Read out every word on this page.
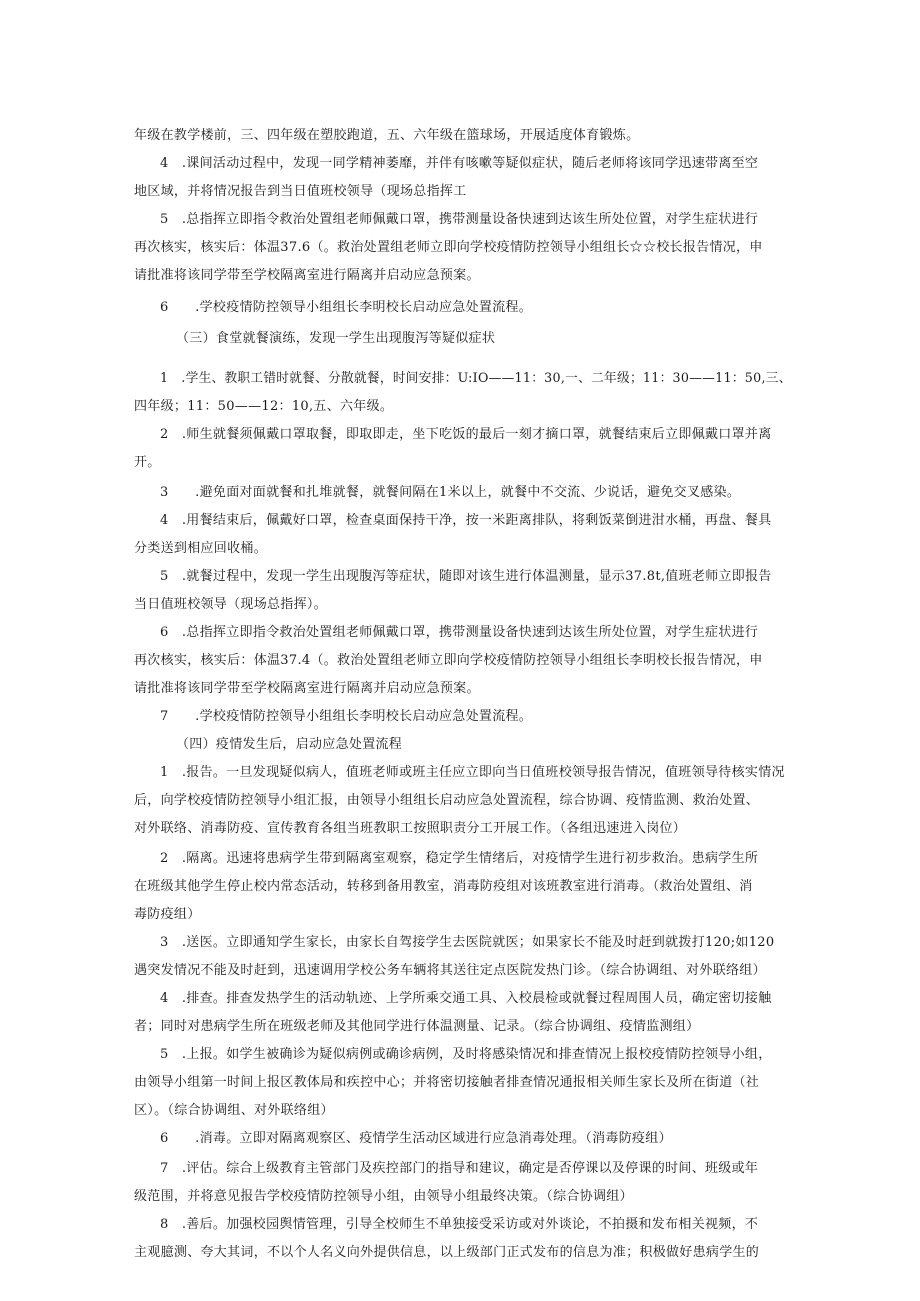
年级在教学楼前，三、四年级在塑胶跑道，五、六年级在篮球场，开展适度体育锻炼。
4　.课间活动过程中，发现一同学精神萎靡，并伴有咳嗽等疑似症状，随后老师将该同学迅速带离至空
地区域，并将情况报告到当日值班校领导（现场总指挥工
5　.总指挥立即指令救治处置组老师佩戴口罩，携带测量设备快速到达该生所处位置，对学生症状进行
再次核实，核实后：体温37.6（。救治处置组老师立即向学校疫情防控领导小组组长☆☆校长报告情况，申
请批准将该同学带至学校隔离室进行隔离并启动应急预案。
6　　.学校疫情防控领导小组组长李明校长启动应急处置流程。
（三）食堂就餐演练，发现一学生出现腹泻等疑似症状
1　.学生、教职工错时就餐、分散就餐，时间安排：U:IO——11：30,一、二年级；11：30——11：50,三、
四年级；11：50——12：10,五、六年级。
2　.师生就餐须佩戴口罩取餐，即取即走，坐下吃饭的最后一刻才摘口罩，就餐结束后立即佩戴口罩并离
开。
3　　.避免面对面就餐和扎堆就餐，就餐间隔在1米以上，就餐中不交流、少说话，避免交叉感染。
4　.用餐结束后，佩戴好口罩，检查桌面保持干净，按一米距离排队，将剩饭菜倒进泔水桶，再盘、餐具
分类送到相应回收桶。
5　.就餐过程中，发现一学生出现腹泻等症状，随即对该生进行体温测量，显示37.8t,值班老师立即报告
当日值班校领导（现场总指挥）。
6　.总指挥立即指令救治处置组老师佩戴口罩，携带测量设备快速到达该生所处位置，对学生症状进行
再次核实，核实后：体温37.4（。救治处置组老师立即向学校疫情防控领导小组组长李明校长报告情况，申
请批准将该同学带至学校隔离室进行隔离并启动应急预案。
7　　.学校疫情防控领导小组组长李明校长启动应急处置流程。
（四）疫情发生后，启动应急处置流程
1　.报告。一旦发现疑似病人，值班老师或班主任应立即向当日值班校领导报告情况，值班领导待核实情况
后，向学校疫情防控领导小组汇报，由领导小组组长启动应急处置流程，综合协调、疫情监测、救治处置、
对外联络、消毒防疫、宣传教育各组当班教职工按照职责分工开展工作。（各组迅速进入岗位）
2　.隔离。迅速将患病学生带到隔离室观察，稳定学生情绪后，对疫情学生进行初步救治。患病学生所
在班级其他学生停止校内常态活动，转移到备用教室，消毒防疫组对该班教室进行消毒。（救治处置组、消
毒防疫组）
3　.送医。立即通知学生家长，由家长自驾接学生去医院就医；如果家长不能及时赶到就拨打120;如120
遇突发情况不能及时赶到，迅速调用学校公务车辆将其送往定点医院发热门诊。（综合协调组、对外联络组）
4　.排查。排查发热学生的活动轨迹、上学所乘交通工具、入校晨检或就餐过程周围人员，确定密切接触
者；同时对患病学生所在班级老师及其他同学进行体温测量、记录。（综合协调组、疫情监测组）
5　.上报。如学生被确诊为疑似病例或确诊病例，及时将感染情况和排查情况上报校疫情防控领导小组，
由领导小组第一时间上报区教体局和疾控中心；并将密切接触者排查情况通报相关师生家长及所在街道（社
区）。（综合协调组、对外联络组）
6　　.消毒。立即对隔离观察区、疫情学生活动区域进行应急消毒处理。（消毒防疫组）
7　.评估。综合上级教育主管部门及疾控部门的指导和建议，确定是否停课以及停课的时间、班级或年
级范围，并将意见报告学校疫情防控领导小组，由领导小组最终决策。（综合协调组）
8　.善后。加强校园舆情管理，引导全校师生不单独接受采访或对外谈论，不拍摄和发布相关视频，不
主观臆测、夸大其词，不以个人名义向外提供信息，以上级部门正式发布的信息为准；积极做好患病学生的
